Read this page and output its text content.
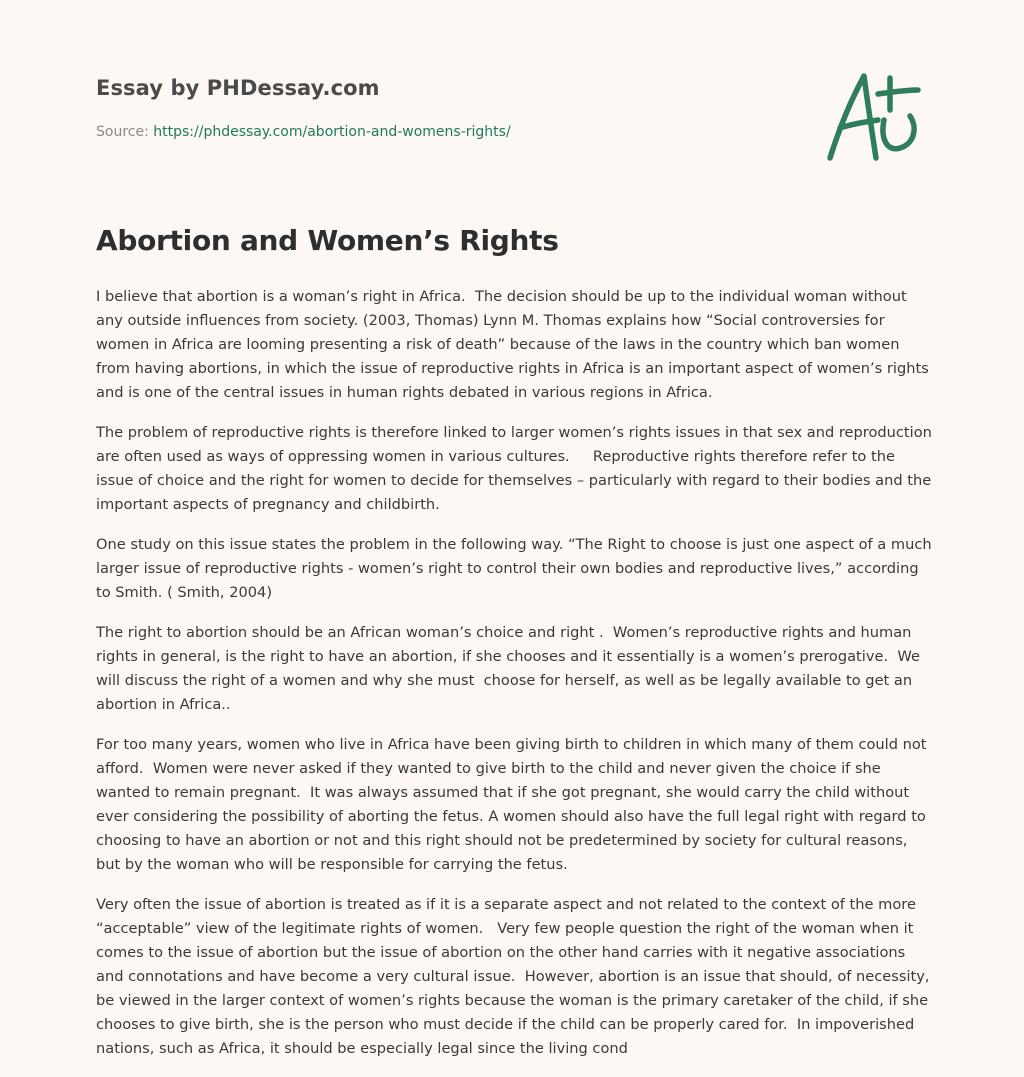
Essay by PHDessay.com
Source: https://phdessay.com/abortion-and-womens-rights/
Abortion and Women’s Rights

I believe that abortion is a woman’s right in Africa.  The decision should be up to the individual woman without any outside influences from society. (2003, Thomas) Lynn M. Thomas explains how “Social controversies for women in Africa are looming presenting a risk of death” because of the laws in the country which ban women from having abortions, in which the issue of reproductive rights in Africa is an important aspect of women’s rights and is one of the central issues in human rights debated in various regions in Africa.

The problem of reproductive rights is therefore linked to larger women’s rights issues in that sex and reproduction are often used as ways of oppressing women in various cultures.     Reproductive rights therefore refer to the issue of choice and the right for women to decide for themselves – particularly with regard to their bodies and the important aspects of pregnancy and childbirth.

One study on this issue states the problem in the following way. “The Right to choose is just one aspect of a much larger issue of reproductive rights - women’s right to control their own bodies and reproductive lives,” according to Smith. ( Smith, 2004)

The right to abortion should be an African woman’s choice and right .  Women’s reproductive rights and human rights in general, is the right to have an abortion, if she chooses and it essentially is a women’s prerogative.  We will discuss the right of a women and why she must  choose for herself, as well as be legally available to get an abortion in Africa..

For too many years, women who live in Africa have been giving birth to children in which many of them could not afford.  Women were never asked if they wanted to give birth to the child and never given the choice if she wanted to remain pregnant.  It was always assumed that if she got pregnant, she would carry the child without ever considering the possibility of aborting the fetus. A women should also have the full legal right with regard to choosing to have an abortion or not and this right should not be predetermined by society for cultural reasons, but by the woman who will be responsible for carrying the fetus.

Very often the issue of abortion is treated as if it is a separate aspect and not related to the context of the more “acceptable” view of the legitimate rights of women.   Very few people question the right of the woman when it comes to the issue of abortion but the issue of abortion on the other hand carries with it negative associations and connotations and have become a very cultural issue.  However, abortion is an issue that should, of necessity, be viewed in the larger context of women’s rights because the woman is the primary caretaker of the child, if she chooses to give birth, she is the person who must decide if the child can be properly cared for.  In impoverished nations, such as Africa, it should be especially legal since the living cond
